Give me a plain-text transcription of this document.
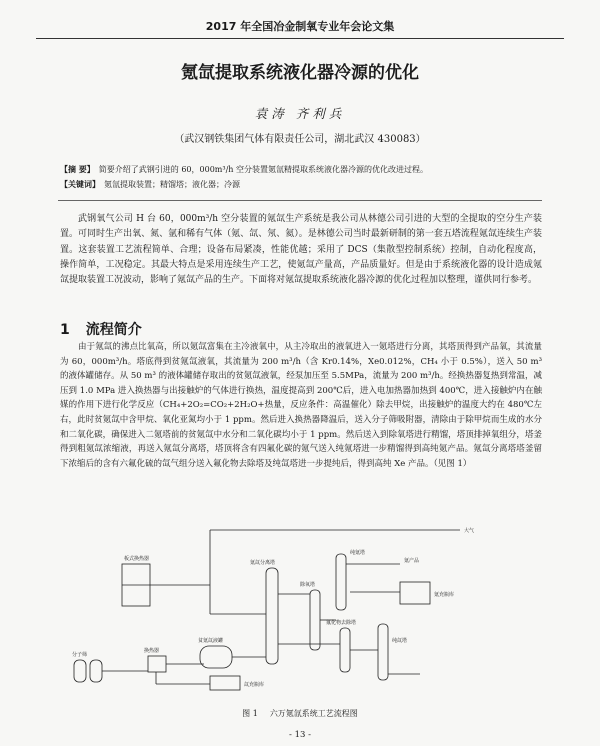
2017 年全国冶金制氧专业年会论文集
氪氙提取系统液化器冷源的优化
袁涛 齐利兵
（武汉钢铁集团气体有限责任公司，湖北武汉 430083）
【摘 要】 简要介绍了武钢引进的 60，000m³/h 空分装置氪氙精提取系统液化器冷源的优化改进过程。
【关键词】 氪氙提取装置；精馏塔；液化器；冷源

武钢氧气公司 H 台 60，000m³/h 空分装置的氪氙生产系统是我公司从林德公司引进的大型的全提取的空分生产装置。可同时生产出氧、氮、氩和稀有气体（氪、氙、氖、氦）。是林德公司当时最新研制的第一套五塔流程氪氙连续生产装置。这套装置工艺流程简单、合理；设备布局紧凑，性能优越；采用了 DCS（集散型控制系统）控制，自动化程度高，操作简单，工况稳定。其最大特点是采用连续生产工艺，使氪氙产量高，产品质量好。但是由于系统液化器的设计造成氪氙提取装置工况波动，影响了氪氙产品的生产。下面将对氪氙提取系统液化器冷源的优化过程加以整理，谨供同行参考。

1 流程简介

由于氪氙的沸点比氧高，所以氪氙富集在主冷液氧中，从主冷取出的液氧进入一氪塔进行分离，其塔顶得到产品氧，其流量为 60，000m³/h。塔底得到贫氪氙液氧，其流量为 200 m³/h（含 Kr0.14%，Xe0.012%，CH₄ 小于 0.5%），送入 50 m³ 的液体罐储存。从 50 m³ 的液体罐储存取出的贫氪氙液氧，经泵加压至 5.5MPa，流量为 200 m³/h。经换热器复热到常温，减压到 1.0 MPa 进入换热器与出接触炉的气体进行换热，温度提高到 200℃后，进入电加热器加热到 400℃，进入接触炉内在触媒的作用下进行化学反应（CH₄+2O₂=CO₂+2H₂O+热量，反应条件：高温催化）除去甲烷，出接触炉的温度大约在 480℃左右，此时贫氪氙中含甲烷、氧化亚氮均小于 1 ppm。然后进入换热器降温后，送入分子筛吸附器，清除由于除甲烷而生成的水分和二氧化碳，确保进入二氪塔前的贫氪氙中水分和二氧化碳均小于 1 ppm。然后送入到除氧塔进行精馏，塔顶排掉氧组分，塔釜得到粗氪氙浓缩液，再送入氪氙分离塔，塔顶将含有四氟化碳的氪气送入纯氪塔进一步精馏得到高纯氪产品。氪氙分离塔塔釜留下浓缩后的含有六氟化硫的氙气组分送入氟化物去除塔及纯氙塔进一步提纯后，得到高纯 Xe 产品。（见图 1）

大气
板式换热器
氪氙分离塔
纯氪塔
氪产品
除氧塔
氪充瓶库
氟化物去除塔
纯氙塔
分子筛
换热器
贫氪氙液罐
氙充瓶库
图 1 六万氪氙系统工艺流程图
- 13 -
